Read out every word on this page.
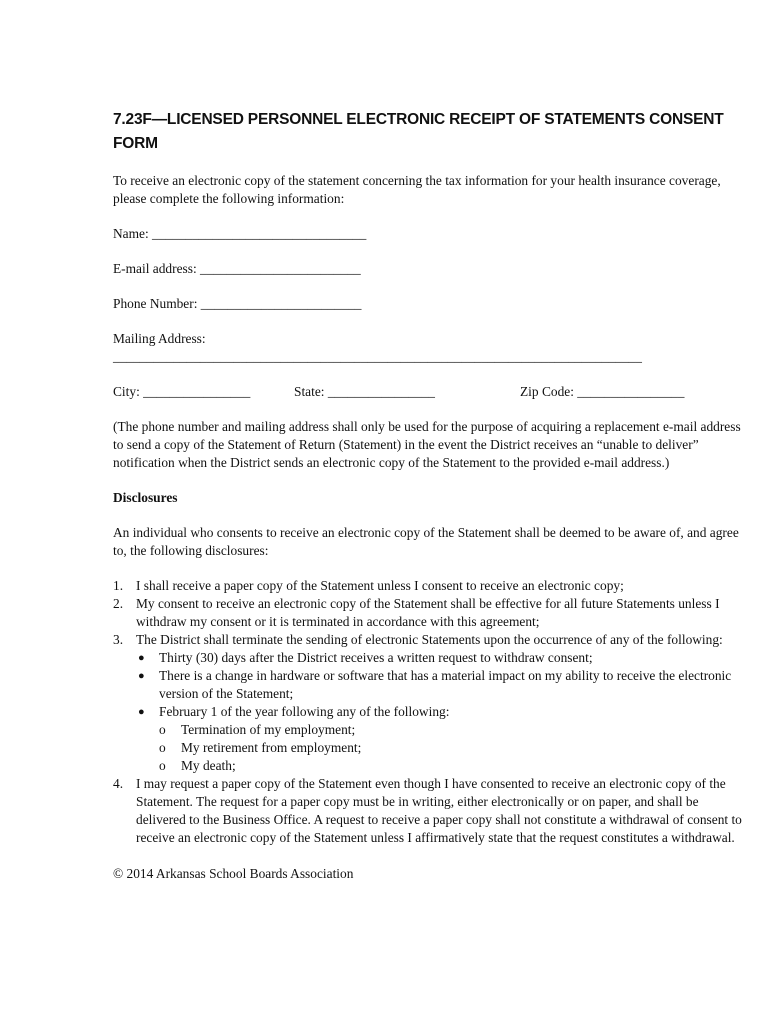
7.23F—LICENSED PERSONNEL ELECTRONIC RECEIPT OF STATEMENTS CONSENT FORM

To receive an electronic copy of the statement concerning the tax information for your health insurance coverage, please complete the following information:

Name: ________________________________

E-mail address: ________________________

Phone Number: ________________________

Mailing Address:

_______________________________________________________________________________

City: ________________

	State: ________________

	Zip Code: ________________

(The phone number and mailing address shall only be used for the purpose of acquiring a replacement e-mail address to send a copy of the Statement of Return (Statement) in the event the District receives an “unable to deliver” notification when the District sends an electronic copy of the Statement to the provided e-mail address.)

Disclosures

An individual who consents to receive an electronic copy of the Statement shall be deemed to be aware of, and agree to, the following disclosures:

1. I shall receive a paper copy of the Statement unless I consent to receive an electronic copy;
2. My consent to receive an electronic copy of the Statement shall be effective for all future Statements unless I withdraw my consent or it is terminated in accordance with this agreement;
3. The District shall terminate the sending of electronic Statements upon the occurrence of any of the following:
● Thirty (30) days after the District receives a written request to withdraw consent;
● There is a change in hardware or software that has a material impact on my ability to receive the electronic version of the Statement;
● February 1 of the year following any of the following:
o Termination of my employment;
o My retirement from employment;
o My death;
4. I may request a paper copy of the Statement even though I have consented to receive an electronic copy of the Statement. The request for a paper copy must be in writing, either electronically or on paper, and shall be delivered to the Business Office. A request to receive a paper copy shall not constitute a withdrawal of consent to receive an electronic copy of the Statement unless I affirmatively state that the request constitutes a withdrawal.

© 2014 Arkansas School Boards Association
